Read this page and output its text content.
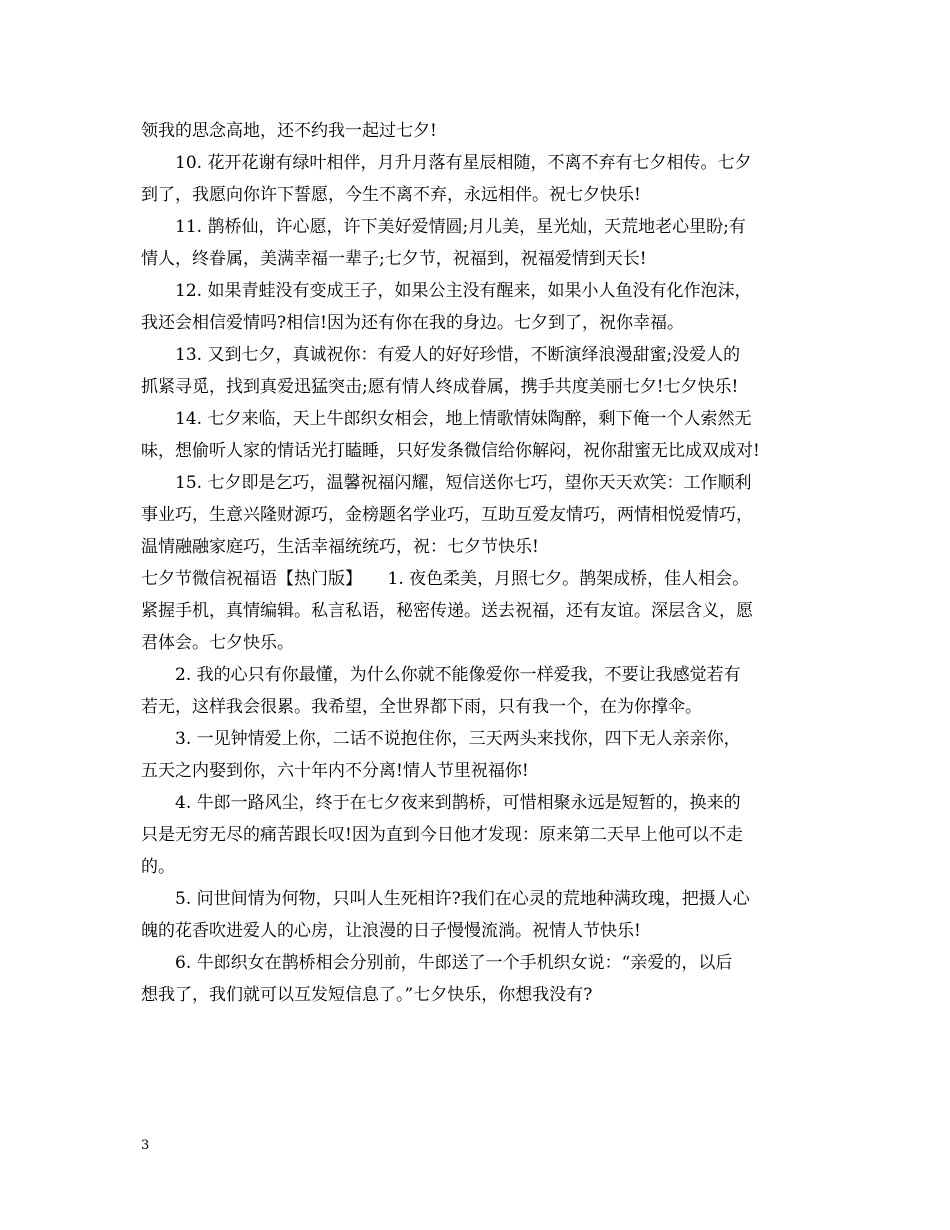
领我的思念高地，还不约我一起过七夕!
10. 花开花谢有绿叶相伴，月升月落有星辰相随，不离不弃有七夕相传。七夕
到了，我愿向你许下誓愿，今生不离不弃，永远相伴。祝七夕快乐!
11. 鹊桥仙，许心愿，许下美好爱情圆;月儿美，星光灿，天荒地老心里盼;有
情人，终眷属，美满幸福一辈子;七夕节，祝福到，祝福爱情到天长!
12. 如果青蛙没有变成王子，如果公主没有醒来，如果小人鱼没有化作泡沫，
我还会相信爱情吗?相信!因为还有你在我的身边。七夕到了，祝你幸福。
13. 又到七夕，真诚祝你：有爱人的好好珍惜，不断演绎浪漫甜蜜;没爱人的
抓紧寻觅，找到真爱迅猛突击;愿有情人终成眷属，携手共度美丽七夕!七夕快乐!
14. 七夕来临，天上牛郎织女相会，地上情歌情妹陶醉，剩下俺一个人索然无
味，想偷听人家的情话光打瞌睡，只好发条微信给你解闷，祝你甜蜜无比成双成对!
15. 七夕即是乞巧，温馨祝福闪耀，短信送你七巧，望你天天欢笑：工作顺利
事业巧，生意兴隆财源巧，金榜题名学业巧，互助互爱友情巧，两情相悦爱情巧，
温情融融家庭巧，生活幸福统统巧，祝：七夕节快乐!
七夕节微信祝福语【热门版】　　1. 夜色柔美，月照七夕。鹊架成桥，佳人相会。
紧握手机，真情编辑。私言私语，秘密传递。送去祝福，还有友谊。深层含义，愿
君体会。七夕快乐。
2. 我的心只有你最懂，为什么你就不能像爱你一样爱我，不要让我感觉若有
若无，这样我会很累。我希望，全世界都下雨，只有我一个，在为你撑伞。
3. 一见钟情爱上你，二话不说抱住你，三天两头来找你，四下无人亲亲你，
五天之内娶到你，六十年内不分离!情人节里祝福你!
4. 牛郎一路风尘，终于在七夕夜来到鹊桥，可惜相聚永远是短暂的，换来的
只是无穷无尽的痛苦跟长叹!因为直到今日他才发现：原来第二天早上他可以不走
的。
5. 问世间情为何物，只叫人生死相许?我们在心灵的荒地种满玫瑰，把摄人心
魄的花香吹进爱人的心房，让浪漫的日子慢慢流淌。祝情人节快乐!
6. 牛郎织女在鹊桥相会分别前，牛郎送了一个手机织女说：“亲爱的，以后
想我了，我们就可以互发短信息了。”七夕快乐，你想我没有?
3
